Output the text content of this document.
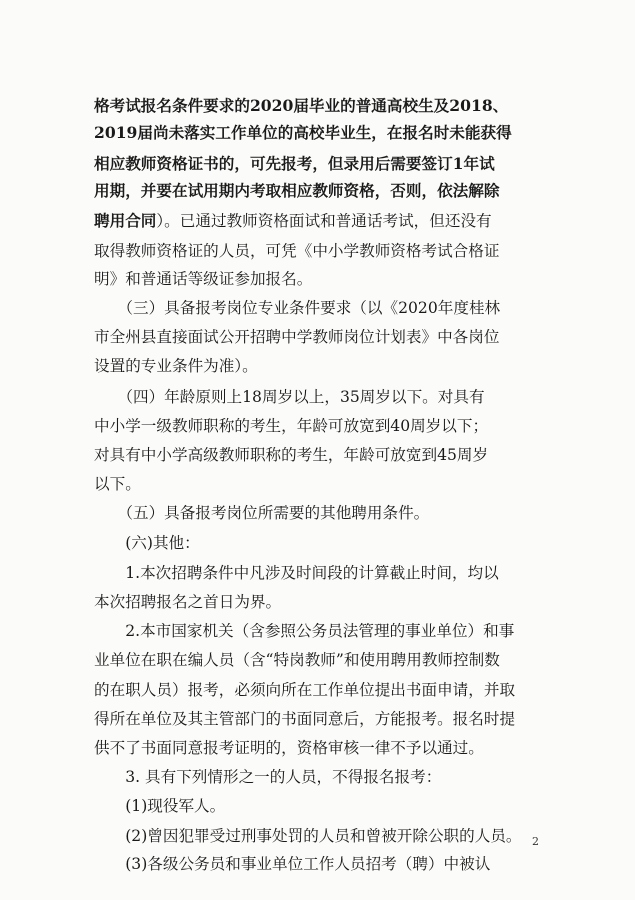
格考试报名条件要求的2020届毕业的普通高校生及2018、
2019届尚未落实工作单位的高校毕业生，在报名时未能获得
相应教师资格证书的，可先报考，但录用后需要签订1年试
用期，并要在试用期内考取相应教师资格，否则，依法解除
聘用合同）。已通过教师资格面试和普通话考试，但还没有
取得教师资格证的人员，可凭《中小学教师资格考试合格证
明》和普通话等级证参加报名。
　　（三）具备报考岗位专业条件要求（以《2020年度桂林
市全州县直接面试公开招聘中学教师岗位计划表》中各岗位
设置的专业条件为准）。
　　（四）年龄原则上18周岁以上，35周岁以下。对具有
中小学一级教师职称的考生，年龄可放宽到40周岁以下；
对具有中小学高级教师职称的考生，年龄可放宽到45周岁
以下。
　　（五）具备报考岗位所需要的其他聘用条件。
　　(六)其他：
　　1.本次招聘条件中凡涉及时间段的计算截止时间，均以
本次招聘报名之首日为界。
　　2.本市国家机关（含参照公务员法管理的事业单位）和事
业单位在职在编人员（含“特岗教师”和使用聘用教师控制数
的在职人员）报考，必须向所在工作单位提出书面申请，并取
得所在单位及其主管部门的书面同意后，方能报考。报名时提
供不了书面同意报考证明的，资格审核一律不予以通过。
　　3. 具有下列情形之一的人员，不得报名报考：
　　(1)现役军人。
　　(2)曾因犯罪受过刑事处罚的人员和曾被开除公职的人员。
　　(3)各级公务员和事业单位工作人员招考（聘）中被认
2
